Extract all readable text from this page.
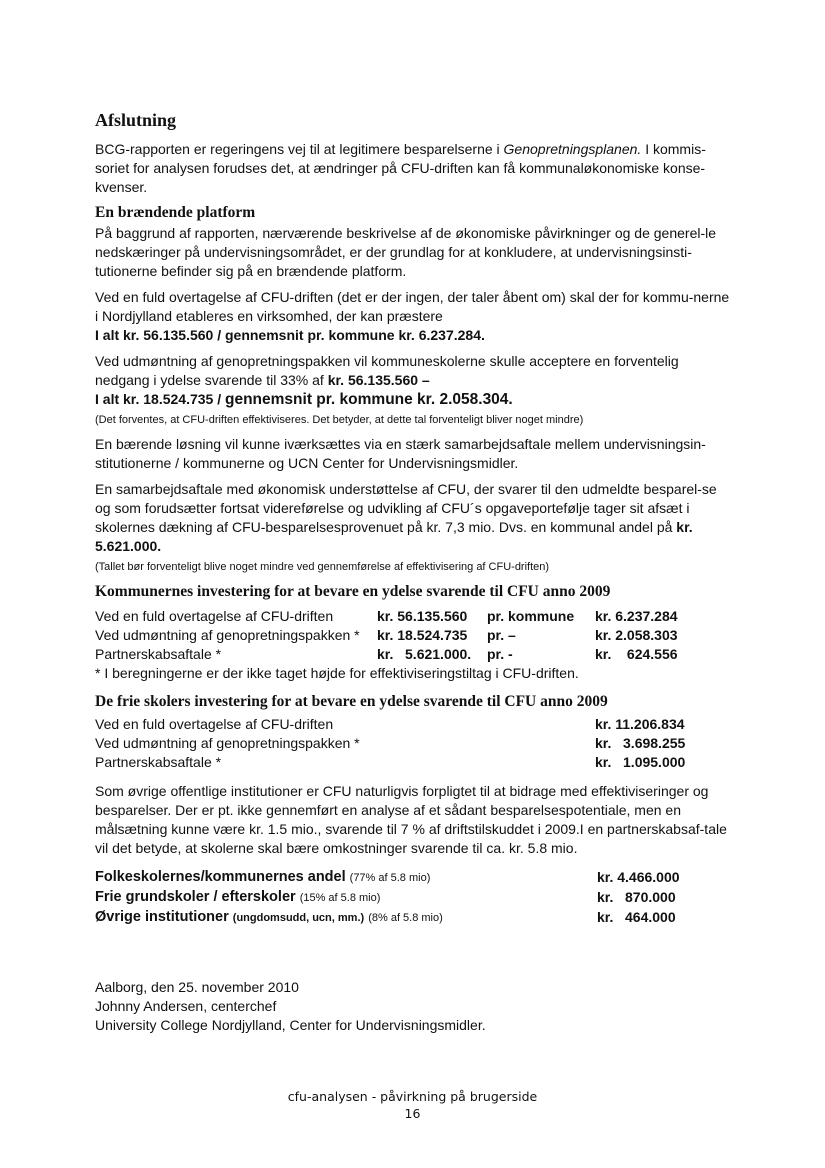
Afslutning

BCG-rapporten er regeringens vej til at legitimere besparelserne i Genopretningsplanen. I kommis-soriet for analysen forudses det, at ændringer på CFU-driften kan få kommunaløkonomiske konse-kvenser.

En brændende platform

På baggrund af rapporten, nærværende beskrivelse af de økonomiske påvirkninger og de generel-le nedskæringer på undervisningsområdet, er der grundlag for at konkludere, at undervisningsinsti-tutionerne befinder sig på en brændende platform.

Ved en fuld overtagelse af CFU-driften (det er der ingen, der taler åbent om) skal der for kommu-nerne i Nordjylland etableres en virksomhed, der kan præstere
I alt kr. 56.135.560 / gennemsnit pr. kommune kr. 6.237.284.

Ved udmøntning af genopretningspakken vil kommuneskolerne skulle acceptere en forventelig nedgang i ydelse svarende til 33% af kr. 56.135.560 –
I alt kr. 18.524.735 / gennemsnit pr. kommune kr. 2.058.304.
(Det forventes, at CFU-driften effektiviseres. Det betyder, at dette tal forventeligt bliver noget mindre)

En bærende løsning vil kunne iværksættes via en stærk samarbejdsaftale mellem undervisningsin-stitutionerne / kommunerne og UCN Center for Undervisningsmidler.

En samarbejdsaftale med økonomisk understøttelse af CFU, der svarer til den udmeldte besparel-se og som forudsætter fortsat videreførelse og udvikling af CFU´s opgaveportefølje tager sit afsæt i skolernes dækning af CFU-besparelsesprovenuet på kr. 7,3 mio. Dvs. en kommunal andel på kr. 5.621.000.
(Tallet bør forventeligt blive noget mindre ved gennemførelse af effektivisering af CFU-driften)

Kommunernes investering for at bevare en ydelse svarende til CFU anno 2009
Ved en fuld overtagelse af CFU-driften	kr. 56.135.560	pr. kommune	kr. 6.237.284
Ved udmøntning af genopretningspakken *	kr. 18.524.735	pr. –	kr. 2.058.303
Partnerskabsaftale *	kr.   5.621.000.	pr. -	kr.    624.556
* I beregningerne er der ikke taget højde for effektiviseringstiltag i CFU-driften.
De frie skolers investering for at bevare en ydelse svarende til CFU anno 2009
Ved en fuld overtagelse af CFU-driften	kr. 11.206.834
Ved udmøntning af genopretningspakken *	kr.   3.698.255
Partnerskabsaftale *	kr.   1.095.000

Som øvrige offentlige institutioner er CFU naturligvis forpligtet til at bidrage med effektiviseringer og besparelser. Der er pt. ikke gennemført en analyse af et sådant besparelsespotentiale, men en målsætning kunne være kr. 1.5 mio., svarende til 7 % af driftstilskuddet i 2009.I en partnerskabsaf-tale vil det betyde, at skolerne skal bære omkostninger svarende til ca. kr. 5.8 mio.

Folkeskolernes/kommunernes andel (77% af 5.8 mio)	kr. 4.466.000
Frie grundskoler / efterskoler (15% af 5.8 mio)	kr.   870.000
Øvrige institutioner (ungdomsudd, ucn, mm.) (8% af 5.8 mio)	kr.   464.000

Aalborg, den 25. november 2010

Johnny Andersen, centerchef

University College Nordjylland, Center for Undervisningsmidler.

cfu-analysen - påvirkning på brugerside
16
